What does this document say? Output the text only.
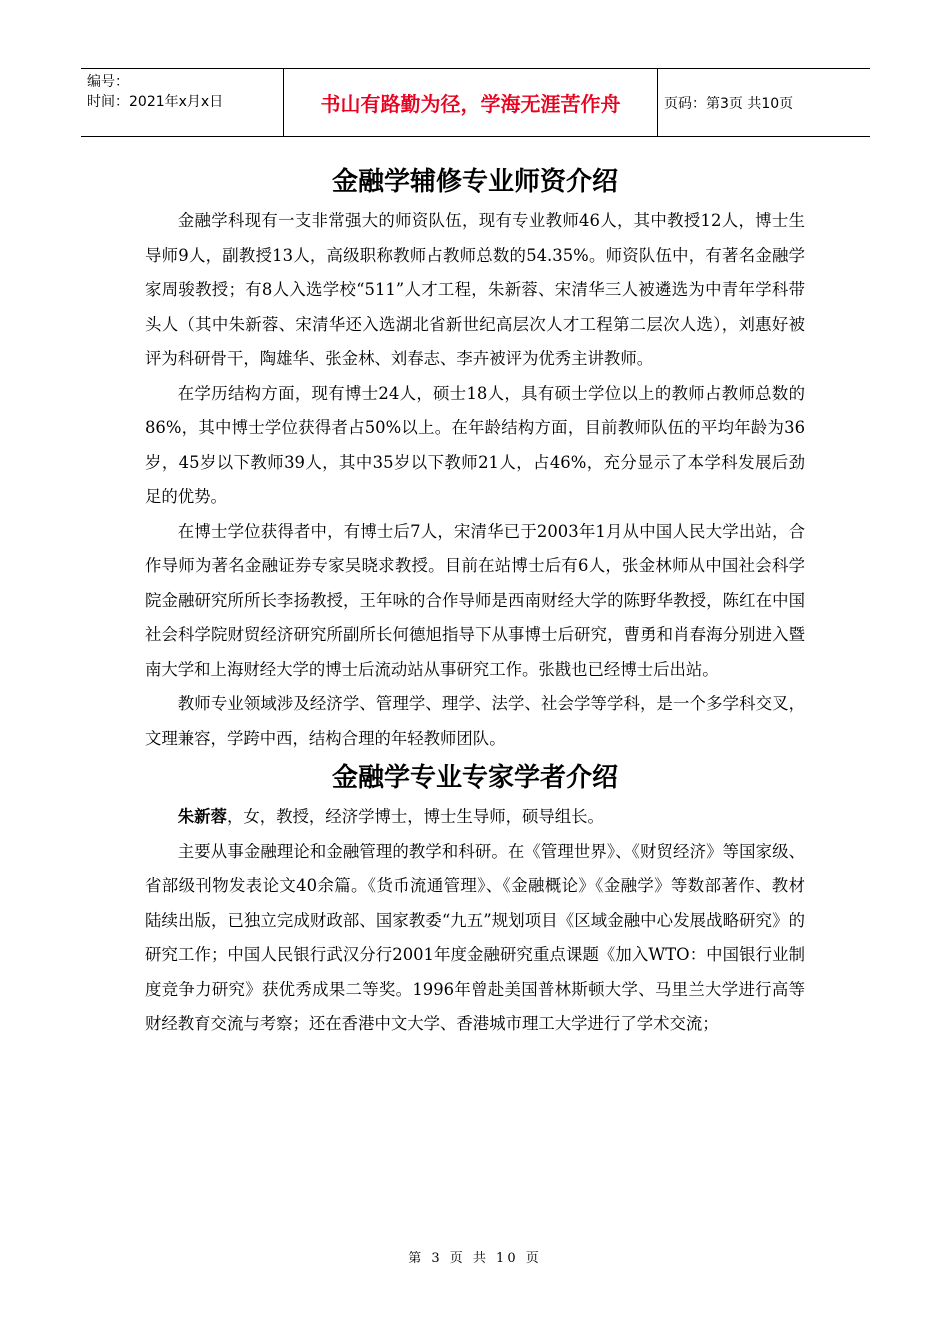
编号：
时间：2021年x月x日	书山有路勤为径，学海无涯苦作舟	页码：第3页 共10页
金融学辅修专业师资介绍

金融学科现有一支非常强大的师资队伍，现有专业教师46人，其中教授12人，博士生导师9人，副教授13人，高级职称教师占教师总数的54.35%。师资队伍中，有著名金融学家周骏教授；有8人入选学校“511”人才工程，朱新蓉、宋清华三人被遴选为中青年学科带头人（其中朱新蓉、宋清华还入选湖北省新世纪高层次人才工程第二层次人选），刘惠好被评为科研骨干，陶雄华、张金林、刘春志、李卉被评为优秀主讲教师。

在学历结构方面，现有博士24人，硕士18人，具有硕士学位以上的教师占教师总数的86%，其中博士学位获得者占50%以上。在年龄结构方面，目前教师队伍的平均年龄为36岁，45岁以下教师39人，其中35岁以下教师21人，占46%，充分显示了本学科发展后劲足的优势。

在博士学位获得者中，有博士后7人，宋清华已于2003年1月从中国人民大学出站，合作导师为著名金融证券专家吴晓求教授。目前在站博士后有6人，张金林师从中国社会科学院金融研究所所长李扬教授，王年咏的合作导师是西南财经大学的陈野华教授，陈红在中国社会科学院财贸经济研究所副所长何德旭指导下从事博士后研究，曹勇和肖春海分别进入暨南大学和上海财经大学的博士后流动站从事研究工作。张戡也已经博士后出站。

教师专业领域涉及经济学、管理学、理学、法学、社会学等学科，是一个多学科交叉，文理兼容，学跨中西，结构合理的年轻教师团队。

金融学专业专家学者介绍

朱新蓉，女，教授，经济学博士，博士生导师，硕导组长。

主要从事金融理论和金融管理的教学和科研。在《管理世界》、《财贸经济》等国家级、省部级刊物发表论文40余篇。《货币流通管理》、《金融概论》《金融学》等数部著作、教材陆续出版，已独立完成财政部、国家教委“九五”规划项目《区域金融中心发展战略研究》的研究工作；中国人民银行武汉分行2001年度金融研究重点课题《加入WTO：中国银行业制度竞争力研究》获优秀成果二等奖。1996年曾赴美国普林斯顿大学、马里兰大学进行高等财经教育交流与考察；还在香港中文大学、香港城市理工大学进行了学术交流；

第 3 页 共 10 页
